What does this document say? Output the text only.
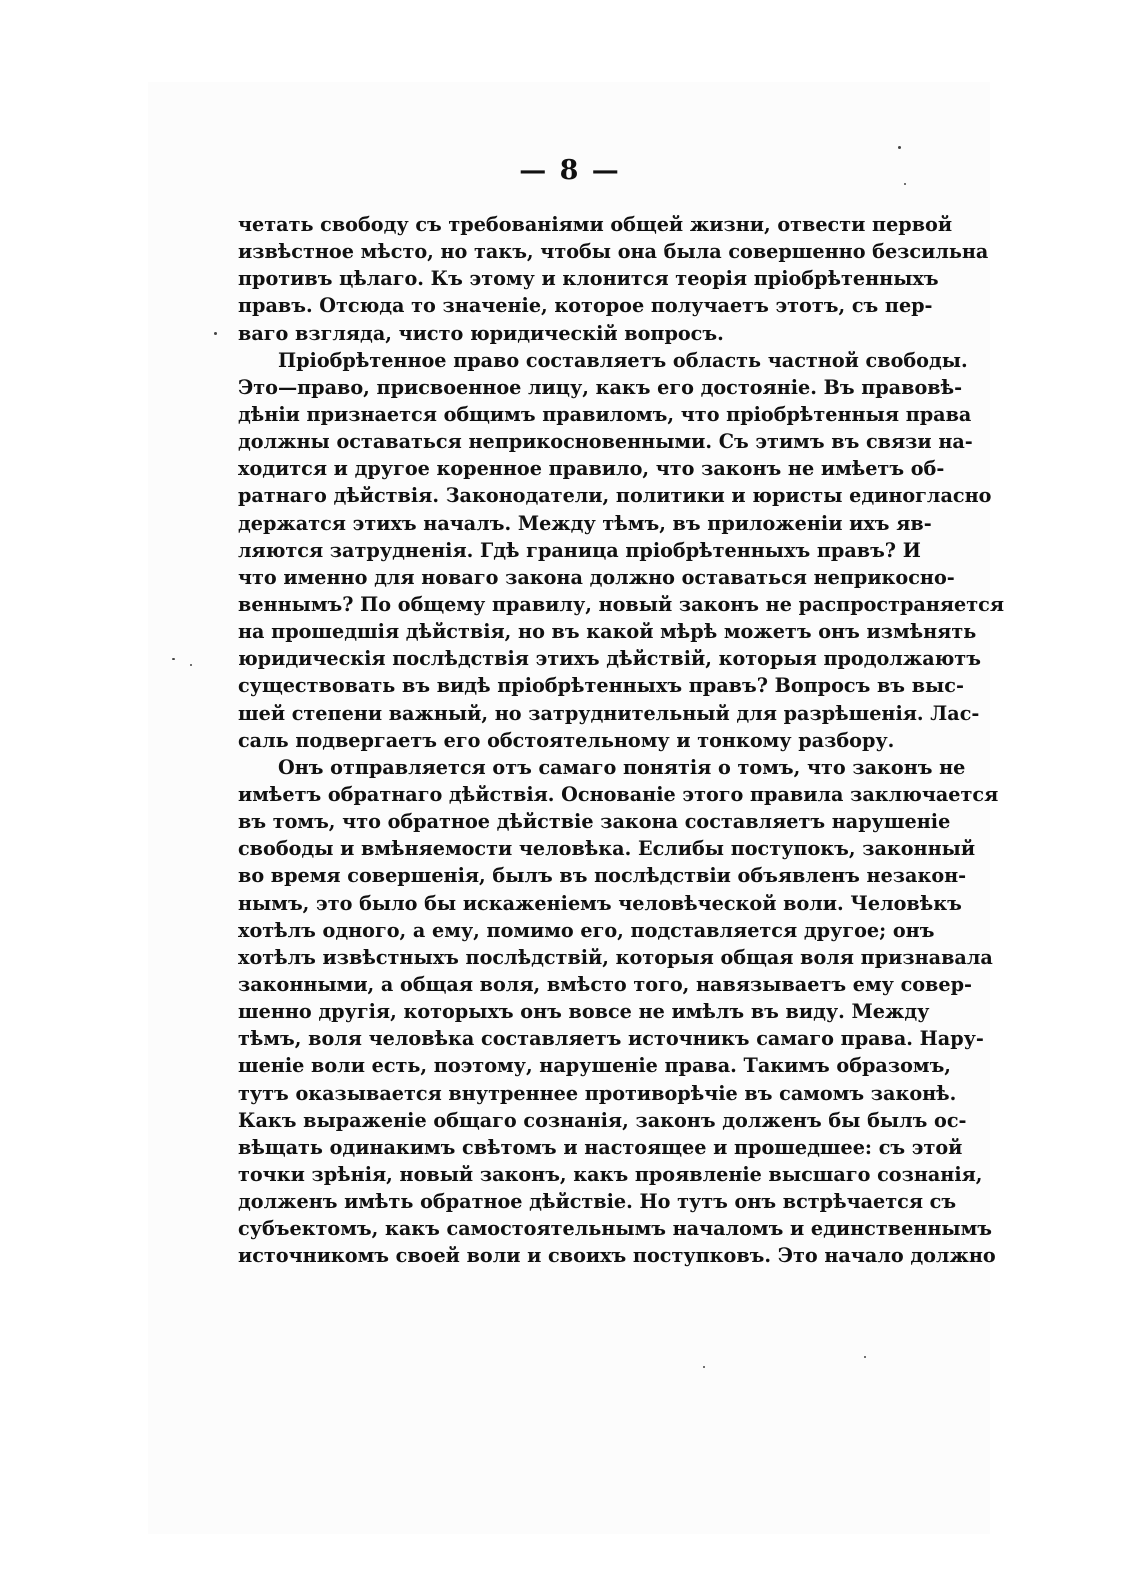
— 8 —
четать свободу съ требованіями общей жизни, отвести первой
извѣстное мѣсто, но такъ, чтобы она была совершенно безсильна
противъ цѣлаго. Къ этому и клонится теорія пріобрѣтенныхъ
правъ. Отсюда то значеніе, которое получаетъ этотъ, съ пер-
ваго взгляда, чисто юридическій вопросъ.
Пріобрѣтенное право составляетъ область частной свободы.
Это—право, присвоенное лицу, какъ его достояніе. Въ правовѣ-
дѣніи признается общимъ правиломъ, что пріобрѣтенныя права
должны оставаться неприкосновенными. Съ этимъ въ связи на-
ходится и другое коренное правило, что законъ не имѣетъ об-
ратнаго дѣйствія. Законодатели, политики и юристы единогласно
держатся этихъ началъ. Между тѣмъ, въ приложеніи ихъ яв-
ляются затрудненія. Гдѣ граница пріобрѣтенныхъ правъ? И
что именно для новаго закона должно оставаться неприкосно-
веннымъ? По общему правилу, новый законъ не распространяется
на прошедшія дѣйствія, но въ какой мѣрѣ можетъ онъ измѣнять
юридическія послѣдствія этихъ дѣйствій, которыя продолжаютъ
существовать въ видѣ пріобрѣтенныхъ правъ? Вопросъ въ выс-
шей степени важный, но затруднительный для разрѣшенія. Лас-
саль подвергаетъ его обстоятельному и тонкому разбору.
Онъ отправляется отъ самаго понятія о томъ, что законъ не
имѣетъ обратнаго дѣйствія. Основаніе этого правила заключается
въ томъ, что обратное дѣйствіе закона составляетъ нарушеніе
свободы и вмѣняемости человѣка. Еслибы поступокъ, законный
во время совершенія, былъ въ послѣдствіи объявленъ незакон-
нымъ, это было бы искаженіемъ человѣческой воли. Человѣкъ
хотѣлъ одного, а ему, помимо его, подставляется другое; онъ
хотѣлъ извѣстныхъ послѣдствій, которыя общая воля признавала
законными, а общая воля, вмѣсто того, навязываетъ ему совер-
шенно другія, которыхъ онъ вовсе не имѣлъ въ виду. Между
тѣмъ, воля человѣка составляетъ источникъ самаго права. Нару-
шеніе воли есть, поэтому, нарушеніе права. Такимъ образомъ,
тутъ оказывается внутреннее противорѣчіе въ самомъ законѣ.
Какъ выраженіе общаго сознанія, законъ долженъ бы былъ ос-
вѣщать одинакимъ свѣтомъ и настоящее и прошедшее: съ этой
точки зрѣнія, новый законъ, какъ проявленіе высшаго сознанія,
долженъ имѣть обратное дѣйствіе. Но тутъ онъ встрѣчается съ
субъектомъ, какъ самостоятельнымъ началомъ и единственнымъ
источникомъ своей воли и своихъ поступковъ. Это начало должно
